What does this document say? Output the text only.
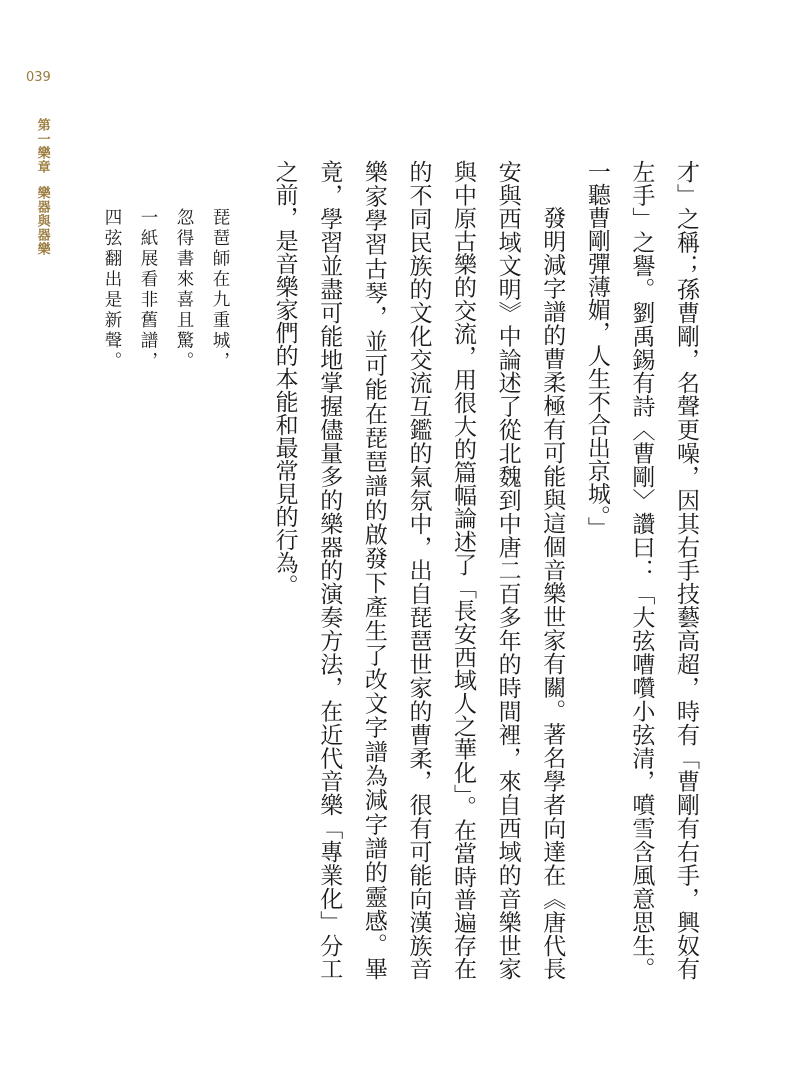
039
第一樂章樂器與器樂	才」之稱；孫曹剛，名聲更噪，因其右手技藝高超，時有「曹剛有右手，興奴有左手」之譽。劉禹錫有詩〈曹剛〉讚曰：「大弦嘈囋小弦清，噴雪含風意思生。一聽曹剛彈薄媚，人生不合出京城。」

發明減字譜的曹柔極有可能與這個音樂世家有關。著名學者向達在《唐代長安與西域文明》中論述了從北魏到中唐二百多年的時間裡，來自西域的音樂世家與中原古樂的交流，用很大的篇幅論述了「長安西域人之華化」。在當時普遍存在的不同民族的文化交流互鑑的氣氛中，出自琵琶世家的曹柔，很有可能向漢族音樂家學習古琴，並可能在琵琶譜的啟發下產生了改文字譜為減字譜的靈感。畢竟，學習並盡可能地掌握儘量多的樂器的演奏方法，在近代音樂「專業化」分工之前，是音樂家們的本能和最常見的行為。

琵琶師在九重城，
忽得書來喜且驚。
一紙展看非舊譜，
四弦翻出是新聲。
